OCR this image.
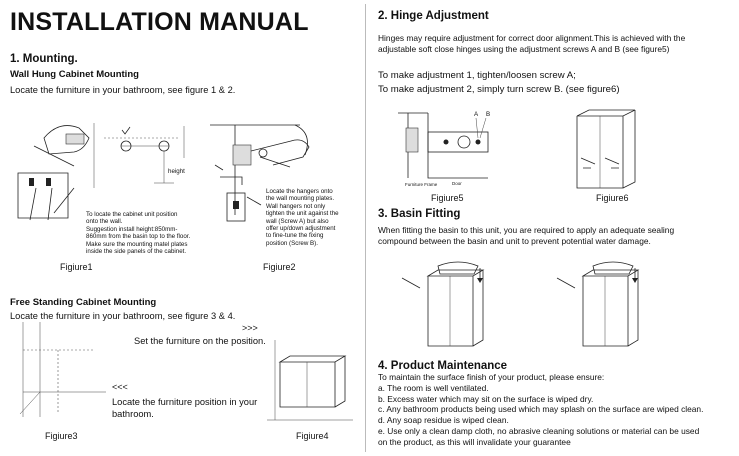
INSTALLATION MANUAL
1. Mounting.
Wall Hung Cabinet Mounting
Locate the furniture in your bathroom, see figure 1 & 2.
height
To locate the cabinet unit position
onto the wall.
Suggestion install height:850mm-
860mm from the basin top to the floor.
Make sure the mounting matel plates
inside the side panels of the cabinet.
Figiure1
Locate the hangers onto
the wall mounting plates.
Wall hangers not only
tighten the unit against the
wall (Screw A) but also
offer up/down adjustment
to fine-tune the fixing
position (Screw B).
Figiure2
Free Standing Cabinet Mounting
Locate the furniture in your bathroom, see figure 3 & 4.
Figiure3
>>>
Set the furniture on the position.
<<<
Locate the furniture position in your
bathroom.
Figiure4
2. Hinge Adjustment
Hinges may require adjustment for correct door alignment.This is achieved with the
adjustable soft close hinges using the adjustment screws A and B (see figure5)
To make adjustment 1, tighten/loosen screw A;
To make adjustment 2, simply turn screw B. (see figure6)
A B
Furniture Frame	Door
Figiure5	Figiure6
3. Basin Fitting
When fitting the basin to this unit, you are required to apply an adequate sealing
compound between the basin and unit to prevent potential water damage.
4. Product Maintenance
To maintain the surface finish of your product, please ensure:
a. The room is well ventilated.
b. Excess water which may sit on the surface is wiped dry.
c. Any bathroom products being used which may splash on the surface are wiped clean.
d. Any soap residue is wiped clean.
e. Use only a clean damp cloth, no abrasive cleaning solutions or material can be used
on the product, as this will invalidate your guarantee
